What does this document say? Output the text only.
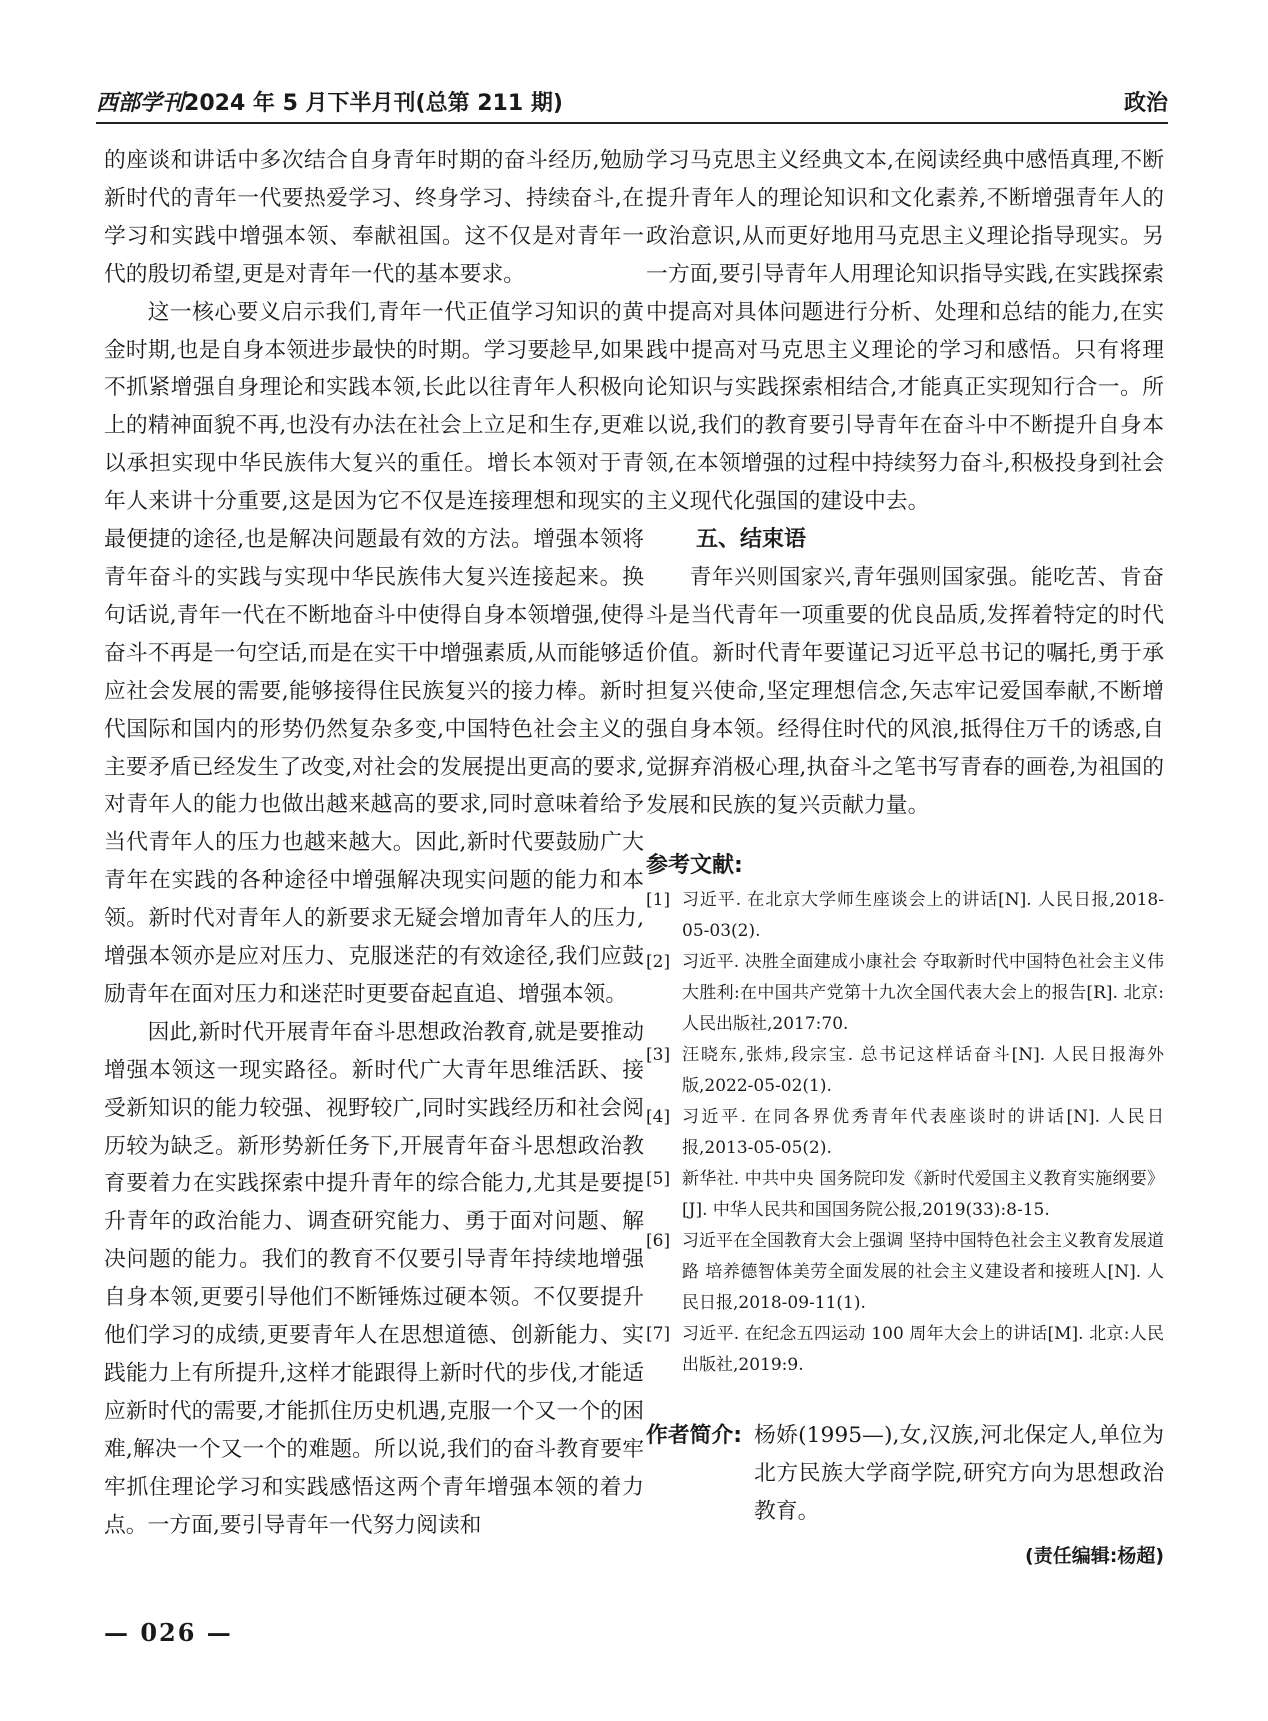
西部学刊2024 年 5 月下半月刊(总第 211 期)	政治

的座谈和讲话中多次结合自身青年时期的奋斗经历,勉励新时代的青年一代要热爱学习、终身学习、持续奋斗,在学习和实践中增强本领、奉献祖国。这不仅是对青年一代的殷切希望,更是对青年一代的基本要求。

这一核心要义启示我们,青年一代正值学习知识的黄金时期,也是自身本领进步最快的时期。学习要趁早,如果不抓紧增强自身理论和实践本领,长此以往青年人积极向上的精神面貌不再,也没有办法在社会上立足和生存,更难以承担实现中华民族伟大复兴的重任。增长本领对于青年人来讲十分重要,这是因为它不仅是连接理想和现实的最便捷的途径,也是解决问题最有效的方法。增强本领将青年奋斗的实践与实现中华民族伟大复兴连接起来。换句话说,青年一代在不断地奋斗中使得自身本领增强,使得奋斗不再是一句空话,而是在实干中增强素质,从而能够适应社会发展的需要,能够接得住民族复兴的接力棒。新时代国际和国内的形势仍然复杂多变,中国特色社会主义的主要矛盾已经发生了改变,对社会的发展提出更高的要求,对青年人的能力也做出越来越高的要求,同时意味着给予当代青年人的压力也越来越大。因此,新时代要鼓励广大青年在实践的各种途径中增强解决现实问题的能力和本领。新时代对青年人的新要求无疑会增加青年人的压力,增强本领亦是应对压力、克服迷茫的有效途径,我们应鼓励青年在面对压力和迷茫时更要奋起直追、增强本领。

因此,新时代开展青年奋斗思想政治教育,就是要推动增强本领这一现实路径。新时代广大青年思维活跃、接受新知识的能力较强、视野较广,同时实践经历和社会阅历较为缺乏。新形势新任务下,开展青年奋斗思想政治教育要着力在实践探索中提升青年的综合能力,尤其是要提升青年的政治能力、调查研究能力、勇于面对问题、解决问题的能力。我们的教育不仅要引导青年持续地增强自身本领,更要引导他们不断锤炼过硬本领。不仅要提升他们学习的成绩,更要青年人在思想道德、创新能力、实践能力上有所提升,这样才能跟得上新时代的步伐,才能适应新时代的需要,才能抓住历史机遇,克服一个又一个的困难,解决一个又一个的难题。所以说,我们的奋斗教育要牢牢抓住理论学习和实践感悟这两个青年增强本领的着力点。一方面,要引导青年一代努力阅读和

学习马克思主义经典文本,在阅读经典中感悟真理,不断提升青年人的理论知识和文化素养,不断增强青年人的政治意识,从而更好地用马克思主义理论指导现实。另一方面,要引导青年人用理论知识指导实践,在实践探索中提高对具体问题进行分析、处理和总结的能力,在实践中提高对马克思主义理论的学习和感悟。只有将理论知识与实践探索相结合,才能真正实现知行合一。所以说,我们的教育要引导青年在奋斗中不断提升自身本领,在本领增强的过程中持续努力奋斗,积极投身到社会主义现代化强国的建设中去。

五、结束语

青年兴则国家兴,青年强则国家强。能吃苦、肯奋斗是当代青年一项重要的优良品质,发挥着特定的时代价值。新时代青年要谨记习近平总书记的嘱托,勇于承担复兴使命,坚定理想信念,矢志牢记爱国奉献,不断增强自身本领。经得住时代的风浪,抵得住万千的诱惑,自觉摒弃消极心理,执奋斗之笔书写青春的画卷,为祖国的发展和民族的复兴贡献力量。

参考文献:
[1] 习近平. 在北京大学师生座谈会上的讲话[N]. 人民日报,2018-05-03(2).
[2] 习近平. 决胜全面建成小康社会 夺取新时代中国特色社会主义伟大胜利:在中国共产党第十九次全国代表大会上的报告[R]. 北京:人民出版社,2017:70.
[3] 汪晓东,张炜,段宗宝. 总书记这样话奋斗[N]. 人民日报海外版,2022-05-02(1).
[4] 习近平. 在同各界优秀青年代表座谈时的讲话[N]. 人民日报,2013-05-05(2).
[5] 新华社. 中共中央 国务院印发《新时代爱国主义教育实施纲要》[J]. 中华人民共和国国务院公报,2019(33):8-15.
[6] 习近平在全国教育大会上强调 坚持中国特色社会主义教育发展道路 培养德智体美劳全面发展的社会主义建设者和接班人[N]. 人民日报,2018-09-11(1).
[7] 习近平. 在纪念五四运动 100 周年大会上的讲话[M]. 北京:人民出版社,2019:9.
作者简介: 杨娇(1995—),女,汉族,河北保定人,单位为北方民族大学商学院,研究方向为思想政治教育。
(责任编辑:杨超)
— 026 —
